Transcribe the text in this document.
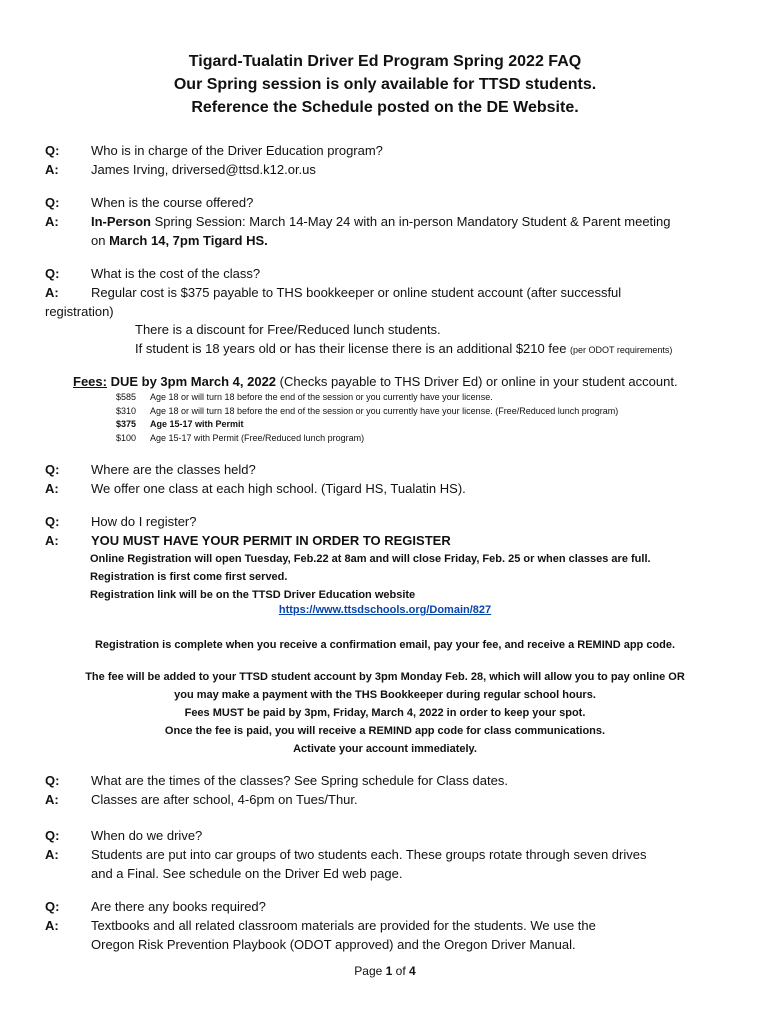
Tigard-Tualatin Driver Ed Program Spring 2022 FAQ
Our Spring session is only available for TTSD students.
Reference the Schedule posted on the DE Website.
Q:	Who is in charge of the Driver Education program?
A:	James Irving, driversed@ttsd.k12.or.us
Q:	When is the course offered?
A:	In-Person Spring Session: March 14-May 24 with an in-person Mandatory Student & Parent meeting
on March 14, 7pm Tigard HS.
Q:	What is the cost of the class?
A:	Regular cost is $375 payable to THS bookkeeper or online student account (after successful
registration)
There is a discount for Free/Reduced lunch students.
If student is 18 years old or has their license there is an additional $210 fee (per ODOT requirements)
Fees: DUE by 3pm March 4, 2022 (Checks payable to THS Driver Ed) or online in your student account.
$585	Age 18 or will turn 18 before the end of the session or you currently have your license.
$310	Age 18 or will turn 18 before the end of the session or you currently have your license. (Free/Reduced lunch program)
$375	Age 15-17 with Permit
$100	Age 15-17 with Permit (Free/Reduced lunch program)
Q:	Where are the classes held?
A:	We offer one class at each high school. (Tigard HS, Tualatin HS).
Q:	How do I register?
A:	YOU MUST HAVE YOUR PERMIT IN ORDER TO REGISTER
Online Registration will open Tuesday, Feb.22 at 8am and will close Friday, Feb. 25 or when classes are full.
Registration is first come first served.
Registration link will be on the TTSD Driver Education website
https://www.ttsdschools.org/Domain/827
Registration is complete when you receive a confirmation email, pay your fee, and receive a REMIND app code.
The fee will be added to your TTSD student account by 3pm Monday Feb. 28, which will allow you to pay online OR
you may make a payment with the THS Bookkeeper during regular school hours.
Fees MUST be paid by 3pm, Friday, March 4, 2022 in order to keep your spot.
Once the fee is paid, you will receive a REMIND app code for class communications.
Activate your account immediately.
Q:	What are the times of the classes? See Spring schedule for Class dates.
A:	Classes are after school, 4-6pm on Tues/Thur.
Q:	When do we drive?
A:	Students are put into car groups of two students each. These groups rotate through seven drives
and a Final. See schedule on the Driver Ed web page.
Q:	Are there any books required?
A:	Textbooks and all related classroom materials are provided for the students. We use the
Oregon Risk Prevention Playbook (ODOT approved) and the Oregon Driver Manual.
Page 1 of 4
